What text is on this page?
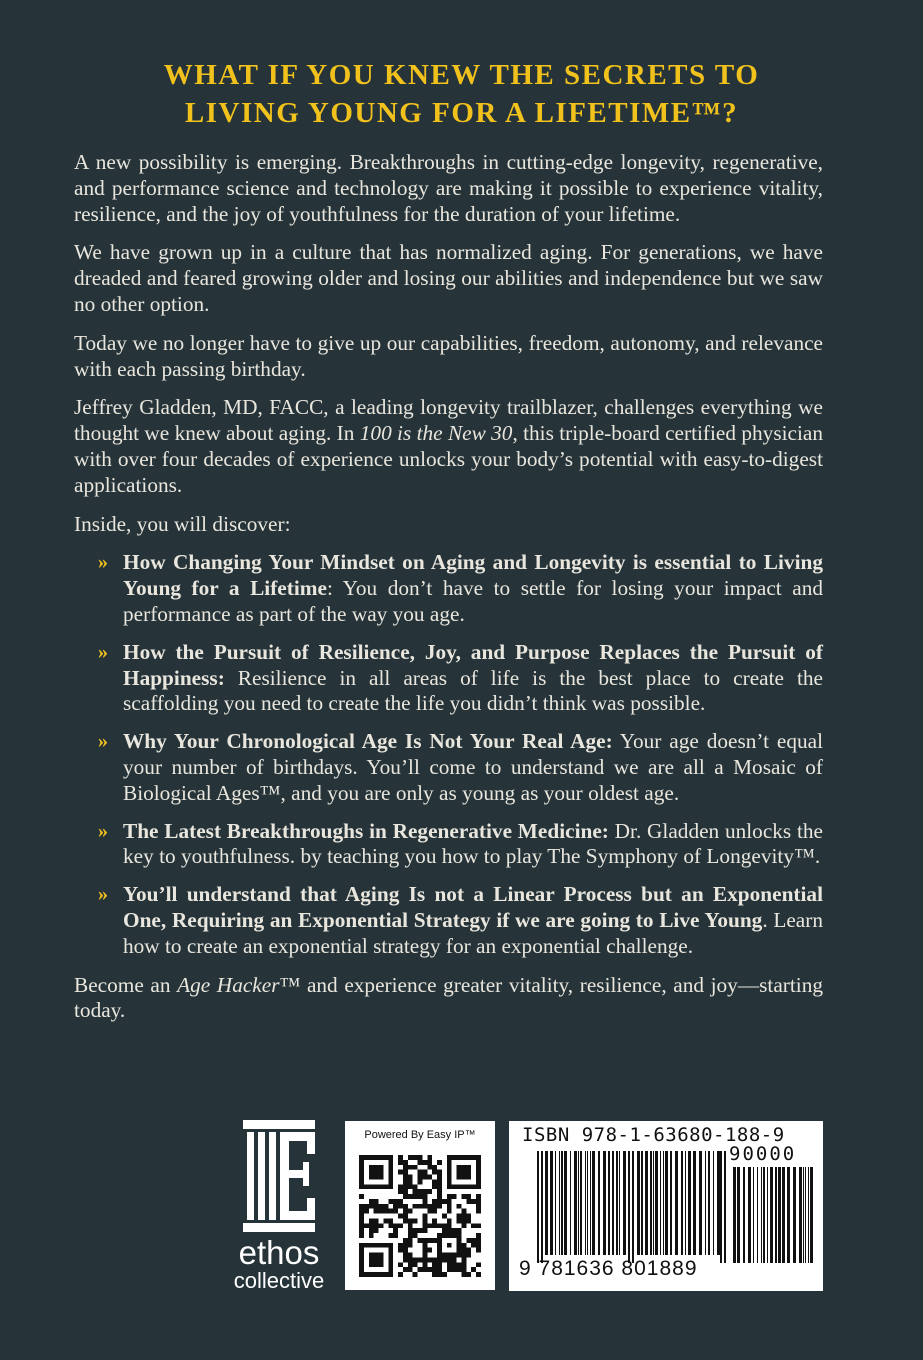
WHAT IF YOU KNEW THE SECRETS TO
LIVING YOUNG FOR A LIFETIME™?

A new possibility is emerging. Breakthroughs in cutting-edge longevity, regenerative, and performance science and technology are making it possible to experience vitality, resilience, and the joy of youthfulness for the duration of your lifetime.

We have grown up in a culture that has normalized aging. For generations, we have dreaded and feared growing older and losing our abilities and independence but we saw no other option.

Today we no longer have to give up our capabilities, freedom, autonomy, and relevance with each passing birthday.

Jeffrey Gladden, MD, FACC, a leading longevity trailblazer, challenges everything we thought we knew about aging. In 100 is the New 30, this triple-board certified physician with over four decades of experience unlocks your body’s potential with easy-to-digest applications.

Inside, you will discover:

» How Changing Your Mindset on Aging and Longevity is essential to Living Young for a Lifetime: You don’t have to settle for losing your impact and performance as part of the way you age.
» How the Pursuit of Resilience, Joy, and Purpose Replaces the Pursuit of Happiness: Resilience in all areas of life is the best place to create the scaffolding you need to create the life you didn’t think was possible.
» Why Your Chronological Age Is Not Your Real Age: Your age doesn’t equal your number of birthdays. You’ll come to understand we are all a Mosaic of Biological Ages™, and you are only as young as your oldest age.
» The Latest Breakthroughs in Regenerative Medicine: Dr. Gladden unlocks the key to youthfulness. by teaching you how to play The Symphony of Longevity™.
» You’ll understand that Aging Is not a Linear Process but an Exponential One, Requiring an Exponential Strategy if we are going to Live Young. Learn how to create an exponential strategy for an exponential challenge.

Become an Age Hacker™ and experience greater vitality, resilience, and joy—starting today.

ethos
collective
Powered By Easy IP™	ISBN 978-1-63680-188-9
90000
9 781636 801889
